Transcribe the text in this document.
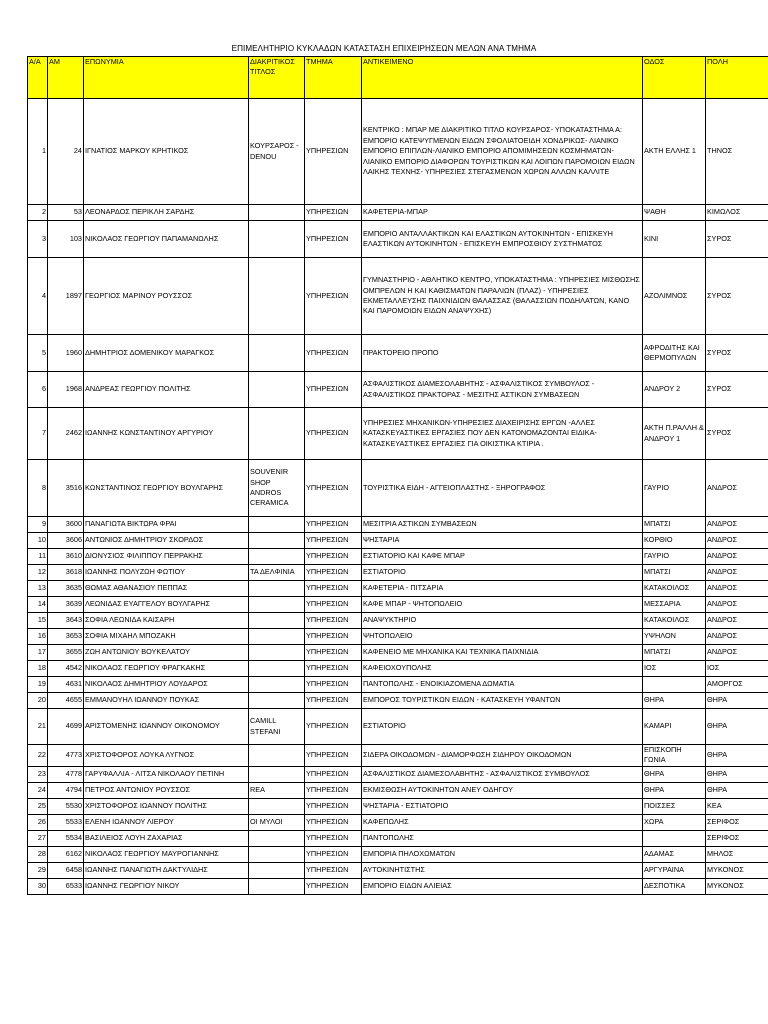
ΕΠΙΜΕΛΗΤΗΡΙΟ ΚΥΚΛΑΔΩΝ ΚΑΤΑΣΤΑΣΗ ΕΠΙΧΕΙΡΗΣΕΩΝ ΜΕΛΩΝ ΑΝΑ ΤΜΗΜΑ
Α/Α	ΑΜ	ΕΠΩΝΥΜΙΑ	ΔΙΑΚΡΙΤΙΚΟΣ ΤΙΤΛΟΣ	ΤΜΗΜΑ	ΑΝΤΙΚΕΙΜΕΝΟ	ΟΔΟΣ	ΠΟΛΗ
1	24	ΙΓΝΑΤΙΟΣ ΜΑΡΚΟΥ ΚΡΗΤΙΚΟΣ	ΚΟΥΡΣΑΡΟΣ - DENOU	ΥΠΗΡΕΣΙΩΝ	ΚΕΝΤΡΙΚΟ : ΜΠΑΡ ΜΕ ΔΙΑΚΡΙΤΙΚΟ ΤΙΤΛΟ ΚΟΥΡΣΑΡΟΣ- ΥΠΟΚΑΤΑΣΤΗΜΑ Α: ΕΜΠΟΡΙΟ ΚΑΤΕΨΥΓΜΕΝΩΝ ΕΙΔΩΝ ΣΦΟΛΙΑΤΟΕΙΔΗ ΧΟΝΔΡΙΚΩΣ- ΛΙΑΝΙΚΟ ΕΜΠΟΡΙΟ ΕΠΙΠΛΩΝ-ΛΙΑΝΙΚΟ ΕΜΠΟΡΙΟ ΑΠΟΜΙΜΗΣΕΩΝ ΚΟΣΜΗΜΑΤΩΝ- ΛΙΑΝΙΚΟ ΕΜΠΟΡΙΟ ΔΙΑΦΟΡΩΝ ΤΟΥΡΙΣΤΙΚΩΝ ΚΑΙ ΛΟΙΠΩΝ ΠΑΡΟΜΟΙΩΝ ΕΙΔΩΝ ΛΑΙΚΗΣ ΤΕΧΝΗΣ- ΥΠΗΡΕΣΙΕΣ ΣΤΕΓΑΣΜΕΝΩΝ ΧΩΡΩΝ ΑΛΛΩΝ ΚΑΛΛΙΤΕ	ΑΚΤΗ ΕΛΛΗΣ 1	ΤΗΝΟΣ
2	53	ΛΕΟΝΑΡΔΟΣ ΠΕΡΙΚΛΗ ΣΑΡΔΗΣ		ΥΠΗΡΕΣΙΩΝ	ΚΑΦΕΤΕΡΙΑ-ΜΠΑΡ	ΨΑΘΗ	ΚΙΜΩΛΟΣ
3	103	ΝΙΚΟΛΑΟΣ ΓΕΩΡΓΙΟΥ ΠΑΠΑΜΑΝΩΛΗΣ		ΥΠΗΡΕΣΙΩΝ	ΕΜΠΟΡΙΟ ΑΝΤΑΛΛΑΚΤΙΚΩΝ ΚΑΙ ΕΛΑΣΤΙΚΩΝ ΑΥΤΟΚΙΝΗΤΩΝ - ΕΠΙΣΚΕΥΗ ΕΛΑΣΤΙΚΩΝ ΑΥΤΟΚΙΝΗΤΩΝ - ΕΠΙΣΚΕΥΗ ΕΜΠΡΟΣΘΙΟΥ ΣΥΣΤΗΜΑΤΟΣ	ΚΙΝΙ	ΣΥΡΟΣ
4	1897	ΓΕΩΡΓΙΟΣ ΜΑΡΙΝΟΥ ΡΟΥΣΣΟΣ		ΥΠΗΡΕΣΙΩΝ	ΓΥΜΝΑΣΤΗΡΙΟ - ΑΘΛΗΤΙΚΟ ΚΕΝΤΡΟ, ΥΠΟΚΑΤΑΣΤΗΜΑ : ΥΠΗΡΕΣΙΕΣ ΜΙΣΘΩΣΗΣ ΟΜΠΡΕΛΩΝ Η ΚΑΙ ΚΑΘΙΣΜΑΤΩΝ ΠΑΡΑΛΙΩΝ (ΠΛΑΖ) - ΥΠΗΡΕΣΙΕΣ ΕΚΜΕΤΑΛΛΕΥΣΗΣ ΠΑΙΧΝΙΔΙΩΝ ΘΑΛΑΣΣΑΣ (ΘΑΛΑΣΣΙΩΝ ΠΟΔΗΛΑΤΩΝ, ΚΑΝΟ ΚΑΙ ΠΑΡΟΜΟΙΩΝ ΕΙΔΩΝ ΑΝΑΨΥΧΗΣ)	ΑΖΟΛΙΜΝΟΣ	ΣΥΡΟΣ
5	1960	ΔΗΜΗΤΡΙΟΣ ΔΟΜΕΝΙΚΟΥ ΜΑΡΑΓΚΟΣ		ΥΠΗΡΕΣΙΩΝ	ΠΡΑΚΤΟΡΕΙΟ ΠΡΟΠΟ	ΑΦΡΟΔΙΤΗΣ ΚΑΙ ΘΕΡΜΟΠΥΛΩΝ	ΣΥΡΟΣ
6	1968	ΑΝΔΡΕΑΣ ΓΕΩΡΓΙΟΥ ΠΟΛΙΤΗΣ		ΥΠΗΡΕΣΙΩΝ	ΑΣΦΑΛΙΣΤΙΚΟΣ ΔΙΑΜΕΣΟΛΑΒΗΤΗΣ - ΑΣΦΑΛΙΣΤΙΚΟΣ ΣΥΜΒΟΥΛΟΣ - ΑΣΦΑΛΙΣΤΙΚΟΣ ΠΡΑΚΤΟΡΑΣ - ΜΕΣΙΤΗΣ ΑΣΤΙΚΩΝ ΣΥΜΒΑΣΕΩΝ	ΑΝΔΡΟΥ 2	ΣΥΡΟΣ
7	2462	ΙΩΑΝΝΗΣ ΚΩΝΣΤΑΝΤΙΝΟΥ ΑΡΓΥΡΙΟΥ		ΥΠΗΡΕΣΙΩΝ	ΥΠΗΡΕΣΙΕΣ ΜΗΧΑΝΙΚΩΝ-ΥΠΗΡΕΣΙΕΣ ΔΙΑΧΕΙΡΙΣΗΣ ΕΡΓΩΝ -ΑΛΛΕΣ ΚΑΤΑΣΚΕΥΑΣΤΙΚΕΣ ΕΡΓΑΣΙΕΣ ΠΟΥ ΔΕΝ ΚΑΤΟΝΟΜΑΖΟΝΤΑΙ ΕΙΔΙΚΑ-ΚΑΤΑΣΚΕΥΑΣΤΙΚΕΣ ΕΡΓΑΣΙΕΣ ΓΙΑ ΟΙΚΙΣΤΙΚΑ ΚΤΙΡΙΑ .	ΑΚΤΗ Π.ΡΑΛΛΗ & ΑΝΔΡΟΥ 1	ΣΥΡΟΣ
8	3516	ΚΩΝΣΤΑΝΤΙΝΟΣ ΓΕΩΡΓΙΟΥ ΒΟΥΛΓΑΡΗΣ	SOUVENIR SHOP ANDROS CERAMICA	ΥΠΗΡΕΣΙΩΝ	ΤΟΥΡΙΣΤΙΚΑ ΕΙΔΗ - ΑΓΓΕΙΟΠΛΑΣΤΗΣ - ΞΗΡΟΓΡΑΦΟΣ	ΓΑΥΡΙΟ	ΑΝΔΡΟΣ
9	3600	ΠΑΝΑΓΙΩΤΑ ΒΙΚΤΩΡΑ ΦΡΑΙ		ΥΠΗΡΕΣΙΩΝ	ΜΕΣΙΤΡΙΑ ΑΣΤΙΚΩΝ ΣΥΜΒΑΣΕΩΝ	ΜΠΑΤΣΙ	ΑΝΔΡΟΣ
10	3606	ΑΝΤΩΝΙΟΣ ΔΗΜΗΤΡΙΟΥ ΣΚΟΡΔΟΣ		ΥΠΗΡΕΣΙΩΝ	ΨΗΣΤΑΡΙΑ	ΚΟΡΘΙΟ	ΑΝΔΡΟΣ
11	3610	ΔΙΟΝΥΣΙΟΣ ΦΙΛΙΠΠΟΥ ΠΕΡΡΑΚΗΣ		ΥΠΗΡΕΣΙΩΝ	ΕΣΤΙΑΤΟΡΙΟ ΚΑΙ ΚΑΦΕ ΜΠΑΡ	ΓΑΥΡΙΟ	ΑΝΔΡΟΣ
12	3618	ΙΩΑΝΝΗΣ ΠΟΛΥΖΩΗ ΦΩΤΙΟΥ	ΤΑ ΔΕΛΦΙΝΙΑ	ΥΠΗΡΕΣΙΩΝ	ΕΣΤΙΑΤΟΡΙΟ	ΜΠΑΤΣΙ	ΑΝΔΡΟΣ
13	3635	ΘΩΜΑΣ ΑΘΑΝΑΣΙΟΥ ΠΕΠΠΑΣ		ΥΠΗΡΕΣΙΩΝ	ΚΑΦΕΤΕΡΙΑ - ΠΙΤΣΑΡΙΑ	ΚΑΤΑΚΟΙΛΟΣ	ΑΝΔΡΟΣ
14	3639	ΛΕΩΝΙΔΑΣ ΕΥΑΓΓΕΛΟΥ ΒΟΥΛΓΑΡΗΣ		ΥΠΗΡΕΣΙΩΝ	ΚΑΦΕ ΜΠΑΡ - ΨΗΤΟΠΩΛΕΙΟ	ΜΕΣΣΑΡΙΑ	ΑΝΔΡΟΣ
15	3643	ΣΟΦΙΑ ΛΕΩΝΙΔΑ ΚΑΙΣΑΡΗ		ΥΠΗΡΕΣΙΩΝ	ΑΝΑΨΥΚΤΗΡΙΟ	ΚΑΤΑΚΟΙΛΟΣ	ΑΝΔΡΟΣ
16	3653	ΣΟΦΙΑ ΜΙΧΑΗΛ ΜΠΟΖΑΚΗ		ΥΠΗΡΕΣΙΩΝ	ΨΗΤΟΠΩΛΕΙΟ	ΥΨΗΛΟΝ	ΑΝΔΡΟΣ
17	3655	ΖΩΗ ΑΝΤΩΝΙΟΥ ΒΟΥΚΕΛΑΤΟΥ		ΥΠΗΡΕΣΙΩΝ	ΚΑΦΕΝΕΙΟ ΜΕ ΜΗΧΑΝΙΚΑ ΚΑΙ ΤΕΧΝΙΚΑ ΠΑΙΧΝΙΔΙΑ	ΜΠΑΤΣΙ	ΑΝΔΡΟΣ
18	4542	ΝΙΚΟΛΑΟΣ ΓΕΩΡΓΙΟΥ ΦΡΑΓΚΑΚΗΣ		ΥΠΗΡΕΣΙΩΝ	ΚΑΦΕΙΟΧΟΥΠΟΛΗΣ	ΙΟΣ	ΙΟΣ
19	4631	ΝΙΚΟΛΑΟΣ ΔΗΜΗΤΡΙΟΥ ΛΟΥΔΑΡΟΣ		ΥΠΗΡΕΣΙΩΝ	ΠΑΝΤΟΠΩΛΗΣ - ΕΝΟΙΚΙΑΖΟΜΕΝΑ ΔΩΜΑΤΙΑ		ΑΜΟΡΓΟΣ
20	4655	ΕΜΜΑΝΟΥΗΛ ΙΩΑΝΝΟΥ ΠΟΥΚΑΣ		ΥΠΗΡΕΣΙΩΝ	ΕΜΠΟΡΟΣ ΤΟΥΡΙΣΤΙΚΩΝ ΕΙΔΩΝ - ΚΑΤΑΣΚΕΥΗ ΥΦΑΝΤΩΝ	ΘΗΡΑ	ΘΗΡΑ
21	4699	ΑΡΙΣΤΟΜΕΝΗΣ ΙΩΑΝΝΟΥ ΟΙΚΟΝΟΜΟΥ	CAMILL STEFANI	ΥΠΗΡΕΣΙΩΝ	ΕΣΤΙΑΤΟΡΙΟ	ΚΑΜΑΡΙ	ΘΗΡΑ
22	4773	ΧΡΙΣΤΟΦΟΡΟΣ ΛΟΥΚΑ ΛΥΓΝΟΣ		ΥΠΗΡΕΣΙΩΝ	ΣΙΔΕΡΑ ΟΙΚΟΔΟΜΩΝ - ΔΙΑΜΟΡΦΩΣΗ ΣΙΔΗΡΟΥ ΟΙΚΟΔΟΜΩΝ	ΕΠΙΣΚΟΠΗ ΓΩΝΙΑ	ΘΗΡΑ
23	4778	ΓΑΡΥΦΑΛΛΙΑ - ΛΙΤΣΑ ΝΙΚΟΛΑΟΥ ΠΕΤΙΝΗ		ΥΠΗΡΕΣΙΩΝ	ΑΣΦΑΛΙΣΤΙΚΟΣ ΔΙΑΜΕΣΟΛΑΒΗΤΗΣ - ΑΣΦΑΛΙΣΤΙΚΟΣ ΣΥΜΒΟΥΛΟΣ	ΘΗΡΑ	ΘΗΡΑ
24	4794	ΠΕΤΡΟΣ ΑΝΤΩΝΙΟΥ ΡΟΥΣΣΟΣ	REA	ΥΠΗΡΕΣΙΩΝ	ΕΚΜΙΣΘΩΣΗ ΑΥΤΟΚΙΝΗΤΩΝ ΑΝΕΥ ΟΔΗΓΟΥ	ΘΗΡΑ	ΘΗΡΑ
25	5530	ΧΡΙΣΤΟΦΟΡΟΣ ΙΩΑΝΝΟΥ ΠΟΛΙΤΗΣ		ΥΠΗΡΕΣΙΩΝ	ΨΗΣΤΑΡΙΑ - ΕΣΤΙΑΤΟΡΙΟ	ΠΟΙΣΣΕΣ	ΚΕΑ
26	5533	ΕΛΕΝΗ ΙΩΑΝΝΟΥ ΛΙΕΡΟΥ	ΟΙ ΜΥΛΟΙ	ΥΠΗΡΕΣΙΩΝ	ΚΑΦΕΠΩΛΗΣ	ΧΩΡΑ	ΣΕΡΙΦΟΣ
27	5534	ΒΑΣΙΛΕΙΟΣ ΛΟΥΗ ΖΑΧΑΡΙΑΣ		ΥΠΗΡΕΣΙΩΝ	ΠΑΝΤΟΠΩΛΗΣ		ΣΕΡΙΦΟΣ
28	6162	ΝΙΚΟΛΑΟΣ ΓΕΩΡΓΙΟΥ ΜΑΥΡΟΓΙΑΝΝΗΣ		ΥΠΗΡΕΣΙΩΝ	ΕΜΠΟΡΙΑ ΠΗΛΟΧΩΜΑΤΩΝ	ΑΔΑΜΑΣ	ΜΗΛΟΣ
29	6458	ΙΩΑΝΝΗΣ ΠΑΝΑΓΙΩΤΗ ΔΑΚΤΥΛΙΔΗΣ		ΥΠΗΡΕΣΙΩΝ	ΑΥΤΟΚΙΝΗΤΙΣΤΗΣ	ΑΡΓΥΡΑΙΝΑ	ΜΥΚΟΝΟΣ
30	6533	ΙΩΑΝΝΗΣ ΓΕΩΡΓΙΟΥ ΝΙΚΟΥ		ΥΠΗΡΕΣΙΩΝ	ΕΜΠΟΡΙΟ ΕΙΔΩΝ ΑΛΙΕΙΑΣ	ΔΕΣΠΟΤΙΚΑ	ΜΥΚΟΝΟΣ
